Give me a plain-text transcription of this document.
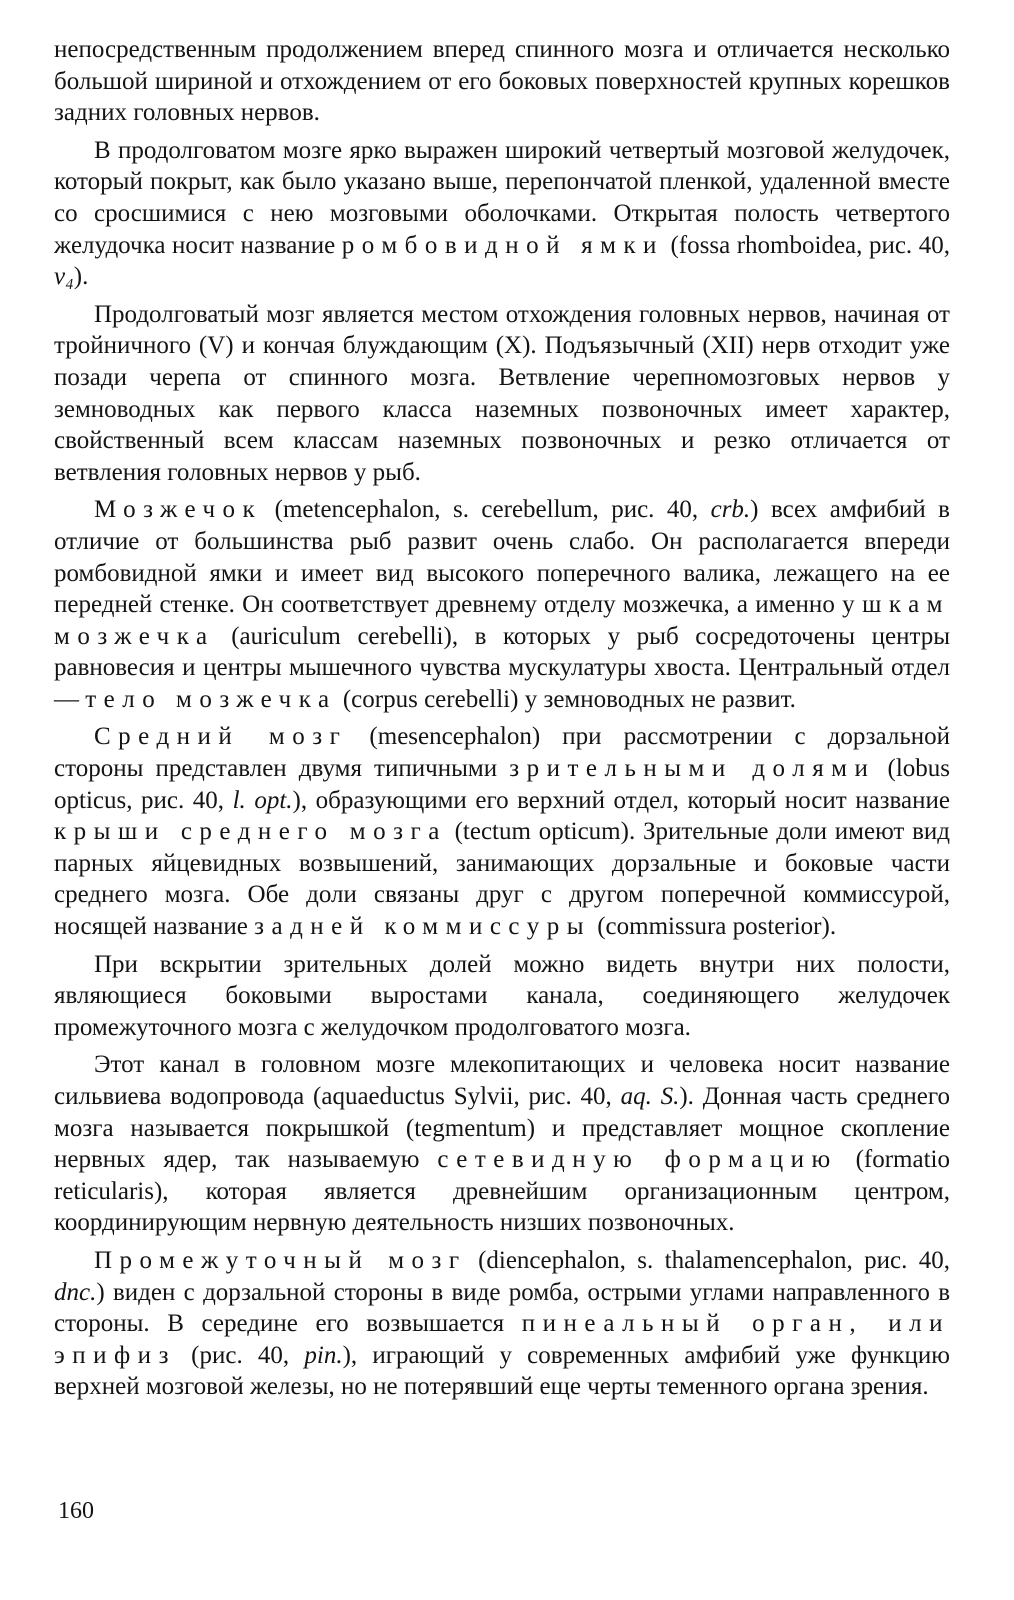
непосредственным продолжением вперед спинного мозга и отличается несколько большой шириной и отхождением от его боковых поверхностей крупных корешков задних головных нервов.

В продолговатом мозге ярко выражен широкий четвертый мозговой желудочек, который покрыт, как было указано выше, перепончатой пленкой, удаленной вместе со сросшимися с нею мозговыми оболочками. Открытая полость четвертого желудочка носит название ромбовидной ямки (fossa rhomboidea, рис. 40, v₄).

Продолговатый мозг является местом отхождения головных нервов, начиная от тройничного (V) и кончая блуждающим (X). Подъязычный (XII) нерв отходит уже позади черепа от спинного мозга. Ветвление черепномозговых нервов у земноводных как первого класса наземных позвоночных имеет характер, свойственный всем классам наземных позвоночных и резко отличается от ветвления головных нервов у рыб.

Мозжечок (metencephalon, s. cerebellum, рис. 40, crb.) всех амфибий в отличие от большинства рыб развит очень слабо. Он располагается впереди ромбовидной ямки и имеет вид высокого поперечного валика, лежащего на ее передней стенке. Он соответствует древнему отделу мозжечка, а именно ушкам мозжечка (auriculum cerebelli), в которых у рыб сосредоточены центры равновесия и центры мышечного чувства мускулатуры хвоста. Центральный отдел — тело мозжечка (corpus cerebelli) у земноводных не развит.

Средний мозг (mesencephalon) при рассмотрении с дорзальной стороны представлен двумя типичными зрительными долями (lobus opticus, рис. 40, l. opt.), образующими его верхний отдел, который носит название крыши среднего мозга (tectum opticum). Зрительные доли имеют вид парных яйцевидных возвышений, занимающих дорзальные и боковые части среднего мозга. Обе доли связаны друг с другом поперечной коммиссурой, носящей название задней коммиссуры (commissura posterior).

При вскрытии зрительных долей можно видеть внутри них полости, являющиеся боковыми выростами канала, соединяющего желудочек промежуточного мозга с желудочком продолговатого мозга.

Этот канал в головном мозге млекопитающих и человека носит название сильвиева водопровода (aquaeductus Sylvii, рис. 40, aq. S.). Донная часть среднего мозга называется покрышкой (tegmentum) и представляет мощное скопление нервных ядер, так называемую сетевидную формацию (formatio reticularis), которая является древнейшим организационным центром, координирующим нервную деятельность низших позвоночных.

Промежуточный мозг (diencephalon, s. thalamencephalon, рис. 40, dnc.) виден с дорзальной стороны в виде ромба, острыми углами направленного в стороны. В середине его возвышается пинеальный орган, или эпифиз (рис. 40, pin.), играющий у современных амфибий уже функцию верхней мозговой железы, но не потерявший еще черты теменного органа зрения.

160
